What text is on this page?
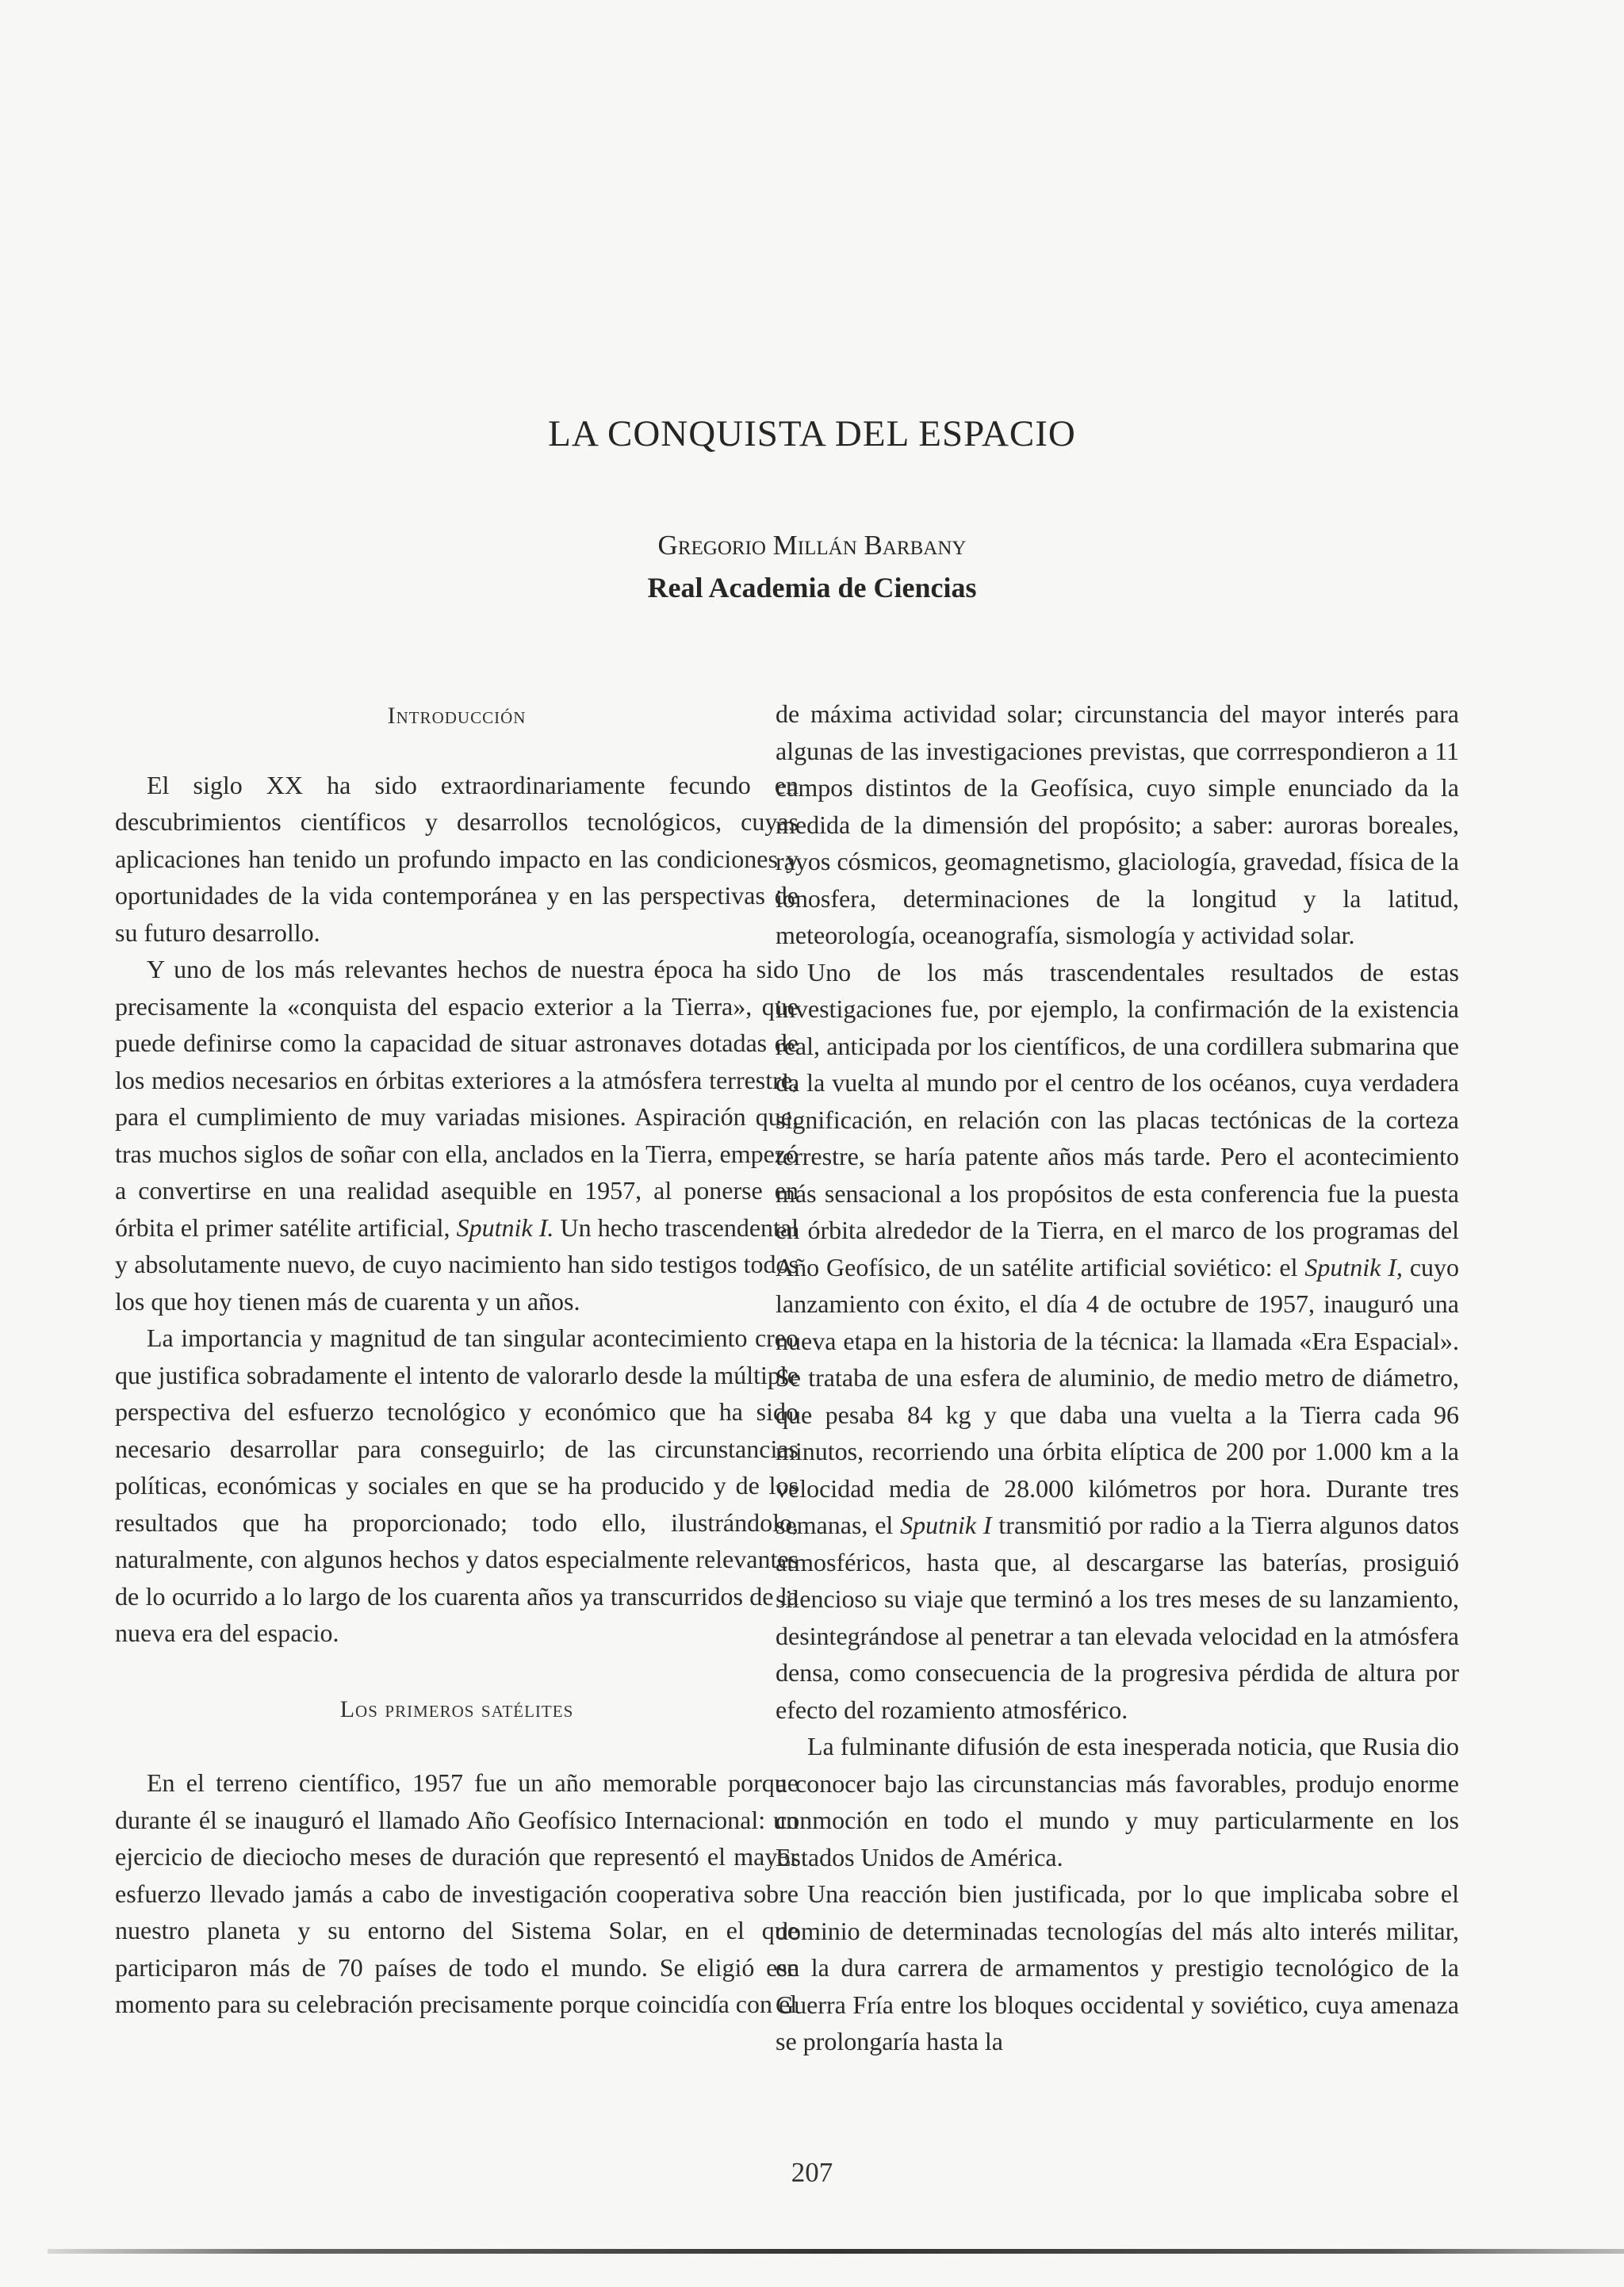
LA CONQUISTA DEL ESPACIO
Gregorio Millán Barbany
Real Academia de Ciencias
Introducción

El siglo XX ha sido extraordinariamente fecundo en descubrimientos científicos y desarrollos tecnológicos, cuyas aplicaciones han tenido un profundo impacto en las condiciones y oportunidades de la vida contemporánea y en las perspectivas de su futuro desarrollo.

Y uno de los más relevantes hechos de nuestra época ha sido precisamente la «conquista del espacio exterior a la Tierra», que puede definirse como la capacidad de situar astronaves dotadas de los medios necesarios en órbitas exteriores a la atmósfera terrestre, para el cumplimiento de muy variadas misiones. Aspiración que, tras muchos siglos de soñar con ella, anclados en la Tierra, empezó a convertirse en una realidad asequible en 1957, al ponerse en órbita el primer satélite artificial, Sputnik I. Un hecho trascendental y absolutamente nuevo, de cuyo nacimiento han sido testigos todos los que hoy tienen más de cuarenta y un años.

La importancia y magnitud de tan singular acontecimiento creo que justifica sobradamente el intento de valorarlo desde la múltiple perspectiva del esfuerzo tecnológico y económico que ha sido necesario desarrollar para conseguirlo; de las circunstancias políticas, económicas y sociales en que se ha producido y de los resultados que ha proporcionado; todo ello, ilustrándolo, naturalmente, con algunos hechos y datos especialmente relevantes de lo ocurrido a lo largo de los cuarenta años ya transcurridos de la nueva era del espacio.

Los primeros satélites

En el terreno científico, 1957 fue un año memorable porque durante él se inauguró el llamado Año Geofísico Internacional: un ejercicio de dieciocho meses de duración que representó el mayor esfuerzo llevado jamás a cabo de investigación cooperativa sobre nuestro planeta y su entorno del Sistema Solar, en el que participaron más de 70 países de todo el mundo. Se eligió ese momento para su celebración precisamente porque coincidía con el

de máxima actividad solar; circunstancia del mayor interés para algunas de las investigaciones previstas, que corrrespondieron a 11 campos distintos de la Geofísica, cuyo simple enunciado da la medida de la dimensión del propósito; a saber: auroras boreales, rayos cósmicos, geomagnetismo, glaciología, gravedad, física de la ionosfera, determinaciones de la longitud y la latitud, meteorología, oceanografía, sismología y actividad solar.

Uno de los más trascendentales resultados de estas investigaciones fue, por ejemplo, la confirmación de la existencia real, anticipada por los científicos, de una cordillera submarina que da la vuelta al mundo por el centro de los océanos, cuya verdadera significación, en relación con las placas tectónicas de la corteza terrestre, se haría patente años más tarde. Pero el acontecimiento más sensacional a los propósitos de esta conferencia fue la puesta en órbita alrededor de la Tierra, en el marco de los programas del Año Geofísico, de un satélite artificial soviético: el Sputnik I, cuyo lanzamiento con éxito, el día 4 de octubre de 1957, inauguró una nueva etapa en la historia de la técnica: la llamada «Era Espacial». Se trataba de una esfera de aluminio, de medio metro de diámetro, que pesaba 84 kg y que daba una vuelta a la Tierra cada 96 minutos, recorriendo una órbita elíptica de 200 por 1.000 km a la velocidad media de 28.000 kilómetros por hora. Durante tres semanas, el Sputnik I transmitió por radio a la Tierra algunos datos atmosféricos, hasta que, al descargarse las baterías, prosiguió silencioso su viaje que terminó a los tres meses de su lanzamiento, desintegrándose al penetrar a tan elevada velocidad en la atmósfera densa, como consecuencia de la progresiva pérdida de altura por efecto del rozamiento atmosférico.

La fulminante difusión de esta inesperada noticia, que Rusia dio a conocer bajo las circunstancias más favorables, produjo enorme conmoción en todo el mundo y muy particularmente en los Estados Unidos de América.

Una reacción bien justificada, por lo que implicaba sobre el dominio de determinadas tecnologías del más alto interés militar, en la dura carrera de armamentos y prestigio tecnológico de la Guerra Fría entre los bloques occidental y soviético, cuya amenaza se prolongaría hasta la

207
